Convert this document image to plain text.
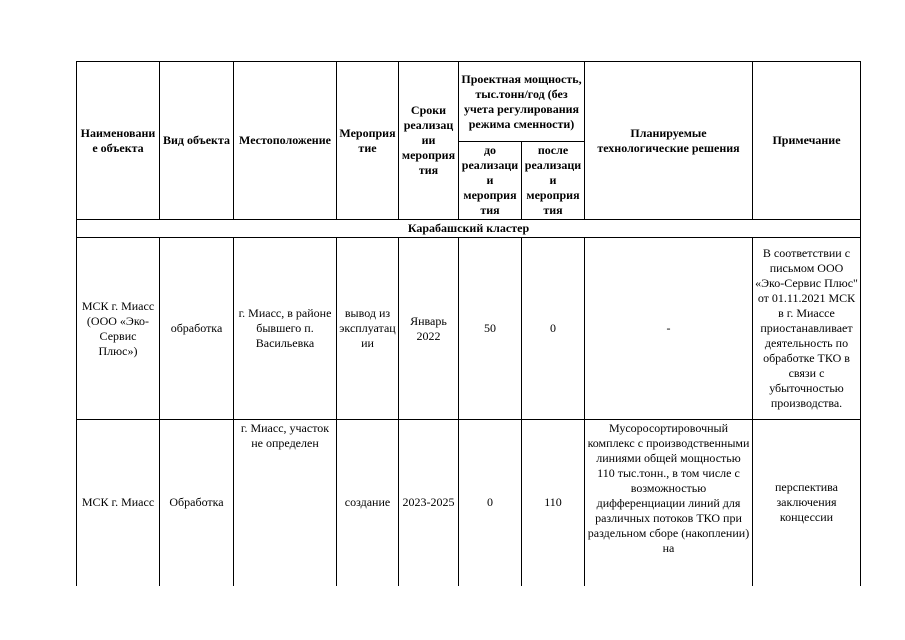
Наименовани е объекта	Вид объекта	Местоположение	Мероприя тие	Сроки реализац ии мероприя тия	Проектная мощность, тыс.тонн/год (без учета регулирования режима сменности)		Планируемые технологические решения	Примечание

					до реализаци и мероприя тия	после реализаци и мероприя тия		

Карабашский кластер								

МСК г. Миасс (ООО «Эко-Сервис Плюс»)	обработка	г. Миасс, в районе бывшего п. Васильевка	вывод из эксплуатац ии	Январь 2022	50	0	-	В соответствии с письмом ООО «Эко-Сервис Плюс" от 01.11.2021 МСК в г. Миассе приостанавливает деятельность по обработке ТКО в связи с убыточностью производства.

МСК г. Миасс	Обработка	г. Миасс, участок не определен	создание	2023-2025	0	110	Мусоросортировочный комплекс с производственными линиями общей мощностью 110 тыс.тонн., в том числе с возможностью дифференциации линий для различных потоков ТКО при раздельном сборе (накоплении) на	перспектива заключения концессии
